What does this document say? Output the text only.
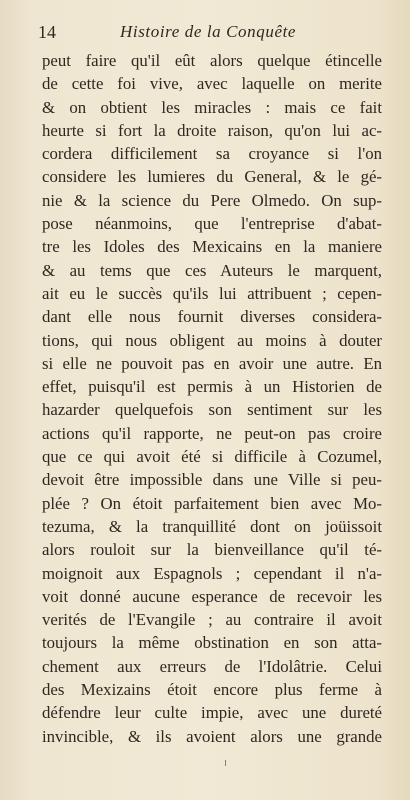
14	Histoire de la Conquête
peut faire qu'il eût alors quelque étincelle
de cette foi vive, avec laquelle on merite
& on obtient les miracles : mais ce fait
heurte si fort la droite raison, qu'on lui ac-
cordera difficilement sa croyance si l'on
considere les lumieres du General, & le gé-
nie & la science du Pere Olmedo. On sup-
pose néanmoins, que l'entreprise d'abat-
tre les Idoles des Mexicains en la maniere
& au tems que ces Auteurs le marquent,
ait eu le succès qu'ils lui attribuent ; cepen-
dant elle nous fournit diverses considera-
tions, qui nous obligent au moins à douter
si elle ne pouvoit pas en avoir une autre. En
effet, puisqu'il est permis à un Historien de
hazarder quelquefois son sentiment sur les
actions qu'il rapporte, ne peut-on pas croire
que ce qui avoit été si difficile à Cozumel,
devoit être impossible dans une Ville si peu-
plée ? On étoit parfaitement bien avec Mo-
tezuma, & la tranquillité dont on joüissoit
alors rouloit sur la bienveillance qu'il té-
moignoit aux Espagnols ; cependant il n'a-
voit donné aucune esperance de recevoir les
verités de l'Evangile ; au contraire il avoit
toujours la même obstination en son atta-
chement aux erreurs de l'Idolâtrie. Celui
des Mexizains étoit encore plus ferme à
défendre leur culte impie, avec une dureté
invincible, & ils avoient alors une grande
